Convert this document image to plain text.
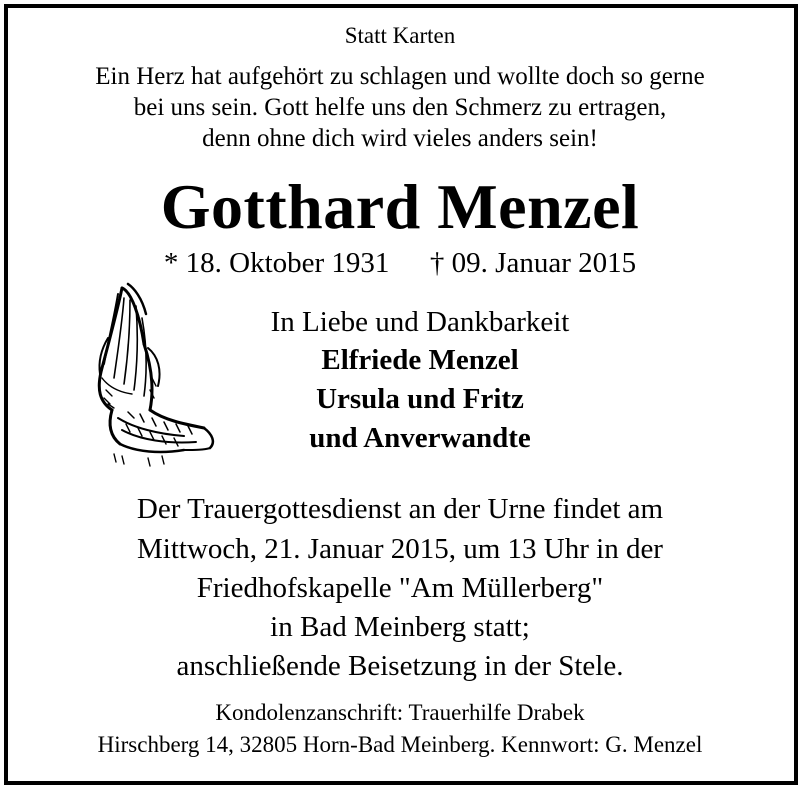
Statt Karten
Ein Herz hat aufgehört zu schlagen und wollte doch so gerne
bei uns sein. Gott helfe uns den Schmerz zu ertragen,
denn ohne dich wird vieles anders sein!
Gotthard Menzel
* 18. Oktober 1931 † 09. Januar 2015
In Liebe und Dankbarkeit
Elfriede Menzel
Ursula und Fritz
und Anverwandte
Der Trauergottesdienst an der Urne findet am
Mittwoch, 21. Januar 2015, um 13 Uhr in der
Friedhofskapelle "Am Müllerberg"
in Bad Meinberg statt;
anschließende Beisetzung in der Stele.
Kondolenzanschrift: Trauerhilfe Drabek
Hirschberg 14, 32805 Horn-Bad Meinberg. Kennwort: G. Menzel
